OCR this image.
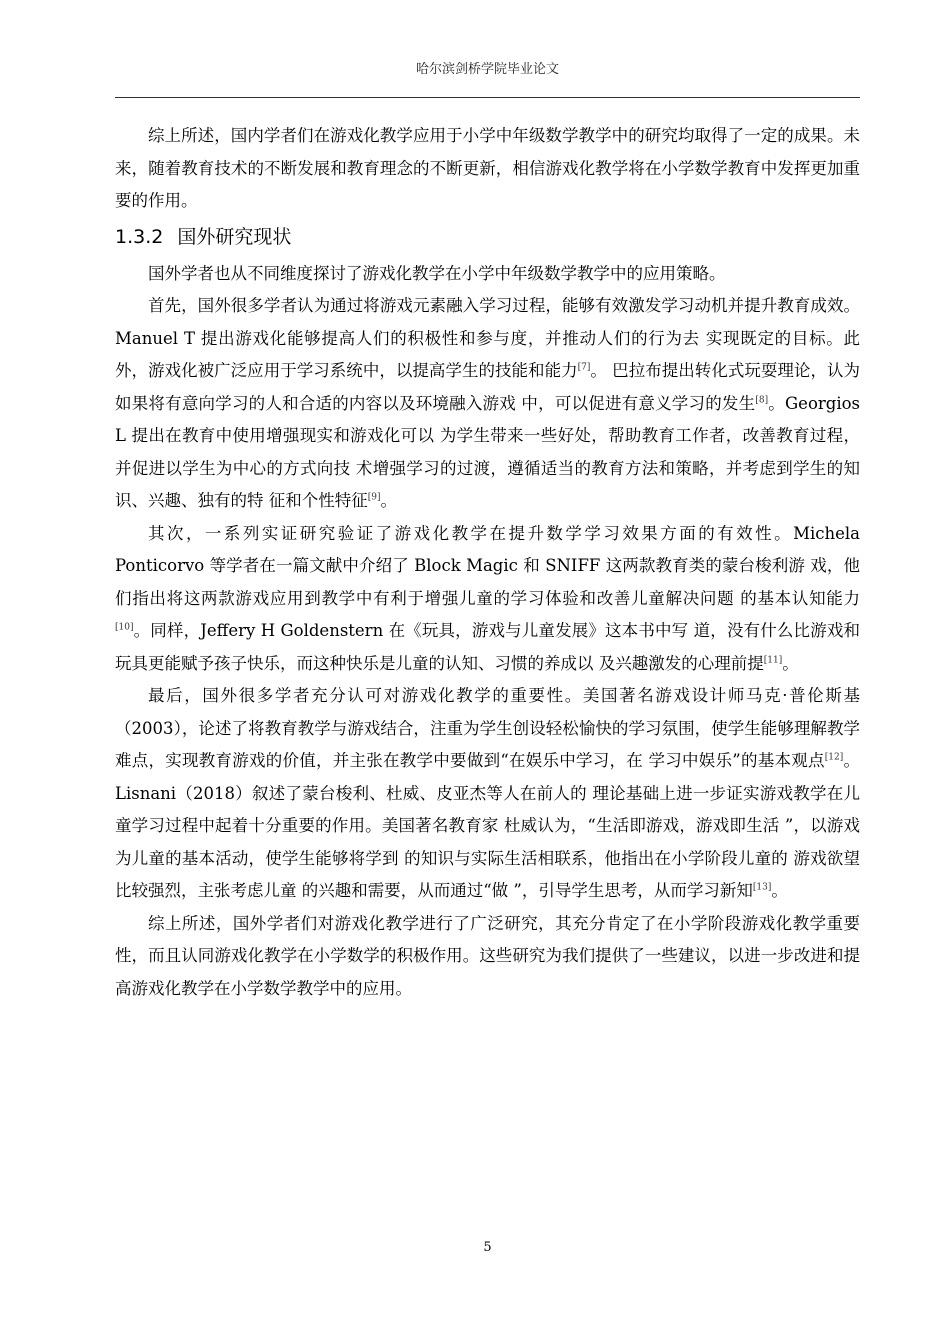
哈尔滨剑桥学院毕业论文

综上所述，国内学者们在游戏化教学应用于小学中年级数学教学中的研究均取得了一定的成果。未来，随着教育技术的不断发展和教育理念的不断更新，相信游戏化教学将在小学数学教育中发挥更加重要的作用。

1.3.2 国外研究现状

国外学者也从不同维度探讨了游戏化教学在小学中年级数学教学中的应用策略。

首先，国外很多学者认为通过将游戏元素融入学习过程，能够有效激发学习动机并提升教育成效。Manuel T 提出游戏化能够提高人们的积极性和参与度，并推动人们的行为去 实现既定的目标。此外，游戏化被广泛应用于学习系统中，以提高学生的技能和能力[7]。 巴拉布提出转化式玩耍理论，认为如果将有意向学习的人和合适的内容以及环境融入游戏 中，可以促进有意义学习的发生[8]。Georgios L 提出在教育中使用增强现实和游戏化可以 为学生带来一些好处，帮助教育工作者，改善教育过程，并促进以学生为中心的方式向技 术增强学习的过渡，遵循适当的教育方法和策略，并考虑到学生的知识、兴趣、独有的特 征和个性特征[9]。

其次，一系列实证研究验证了游戏化教学在提升数学学习效果方面的有效性。Michela Ponticorvo 等学者在一篇文献中介绍了 Block Magic 和 SNIFF 这两款教育类的蒙台梭利游 戏，他们指出将这两款游戏应用到教学中有利于增强儿童的学习体验和改善儿童解决问题 的基本认知能力[10]。同样，Jeffery H Goldenstern 在《玩具，游戏与儿童发展》这本书中写 道，没有什么比游戏和玩具更能赋予孩子快乐，而这种快乐是儿童的认知、习惯的养成以 及兴趣激发的心理前提[11]。

最后，国外很多学者充分认可对游戏化教学的重要性。美国著名游戏设计师马克·普伦斯基（2003），论述了将教育教学与游戏结合，注重为学生创设轻松愉快的学习氛围，使学生能够理解教学难点，实现教育游戏的价值，并主张在教学中要做到“在娱乐中学习，在 学习中娱乐”的基本观点[12]。Lisnani（2018）叙述了蒙台梭利、杜威、皮亚杰等人在前人的 理论基础上进一步证实游戏教学在儿童学习过程中起着十分重要的作用。美国著名教育家 杜威认为，“生活即游戏，游戏即生活 ”，以游戏为儿童的基本活动，使学生能够将学到 的知识与实际生活相联系，他指出在小学阶段儿童的 游戏欲望比较强烈，主张考虑儿童 的兴趣和需要，从而通过“做 ”，引导学生思考，从而学习新知[13]。

综上所述，国外学者们对游戏化教学进行了广泛研究，其充分肯定了在小学阶段游戏化教学重要性，而且认同游戏化教学在小学数学的积极作用。这些研究为我们提供了一些建议，以进一步改进和提高游戏化教学在小学数学教学中的应用。

5
